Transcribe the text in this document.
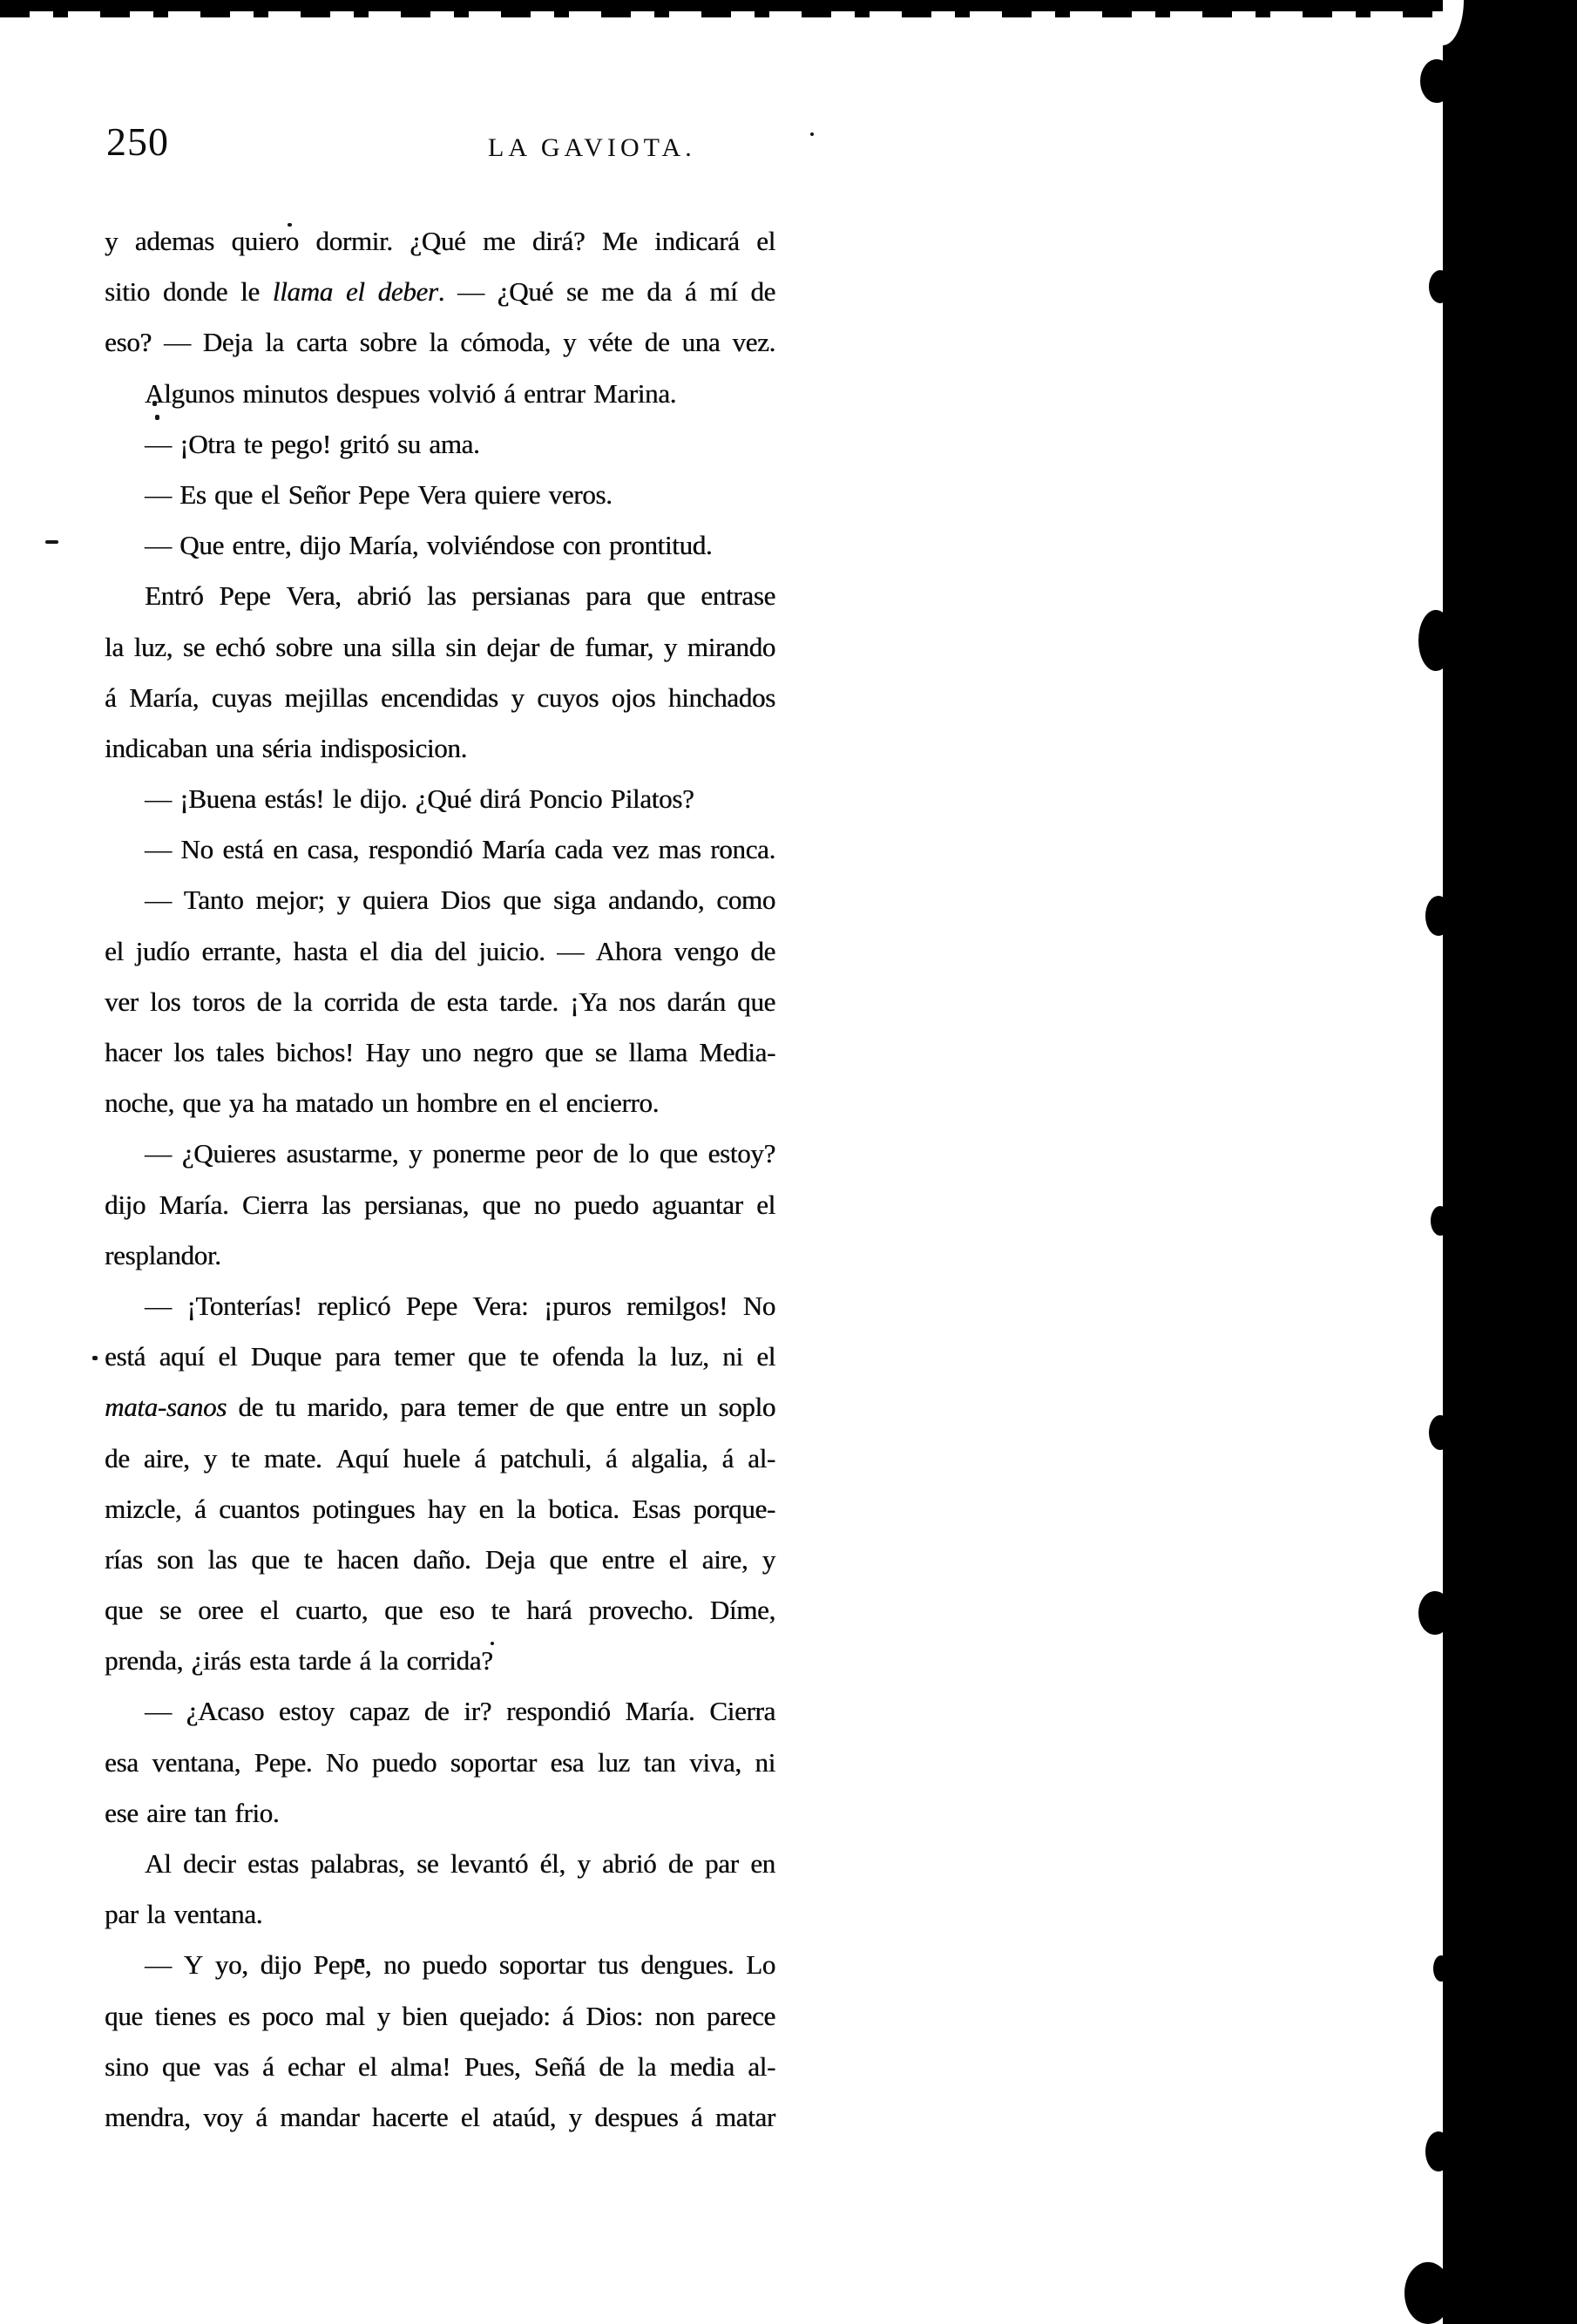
250	LA GAVIOTA.
y ademas quiero dormir. ¿Qué me dirá? Me indicará el
sitio donde le llama el deber. — ¿Qué se me da á mí de
eso? — Deja la carta sobre la cómoda, y véte de una vez.
Algunos minutos despues volvió á entrar Marina.
— ¡Otra te pego! gritó su ama.
— Es que el Señor Pepe Vera quiere veros.
— Que entre, dijo María, volviéndose con prontitud.
Entró Pepe Vera, abrió las persianas para que entrase
la luz, se echó sobre una silla sin dejar de fumar, y mirando
á María, cuyas mejillas encendidas y cuyos ojos hinchados
indicaban una séria indisposicion.
— ¡Buena estás! le dijo. ¿Qué dirá Poncio Pilatos?
— No está en casa, respondió María cada vez mas ronca.
— Tanto mejor; y quiera Dios que siga andando, como
el judío errante, hasta el dia del juicio. — Ahora vengo de
ver los toros de la corrida de esta tarde. ¡Ya nos darán que
hacer los tales bichos! Hay uno negro que se llama Media-
noche, que ya ha matado un hombre en el encierro.
— ¿Quieres asustarme, y ponerme peor de lo que estoy?
dijo María. Cierra las persianas, que no puedo aguantar el
resplandor.
— ¡Tonterías! replicó Pepe Vera: ¡puros remilgos! No
está aquí el Duque para temer que te ofenda la luz, ni el
mata-sanos de tu marido, para temer de que entre un soplo
de aire, y te mate. Aquí huele á patchuli, á algalia, á al-
mizcle, á cuantos potingues hay en la botica. Esas porque-
rías son las que te hacen daño. Deja que entre el aire, y
que se oree el cuarto, que eso te hará provecho. Díme,
prenda, ¿irás esta tarde á la corrida?
— ¿Acaso estoy capaz de ir? respondió María. Cierra
esa ventana, Pepe. No puedo soportar esa luz tan viva, ni
ese aire tan frio.
Al decir estas palabras, se levantó él, y abrió de par en
par la ventana.
— Y yo, dijo Pepe, no puedo soportar tus dengues. Lo
que tienes es poco mal y bien quejado: á Dios: non parece
sino que vas á echar el alma! Pues, Señá de la media al-
mendra, voy á mandar hacerte el ataúd, y despues á matar
